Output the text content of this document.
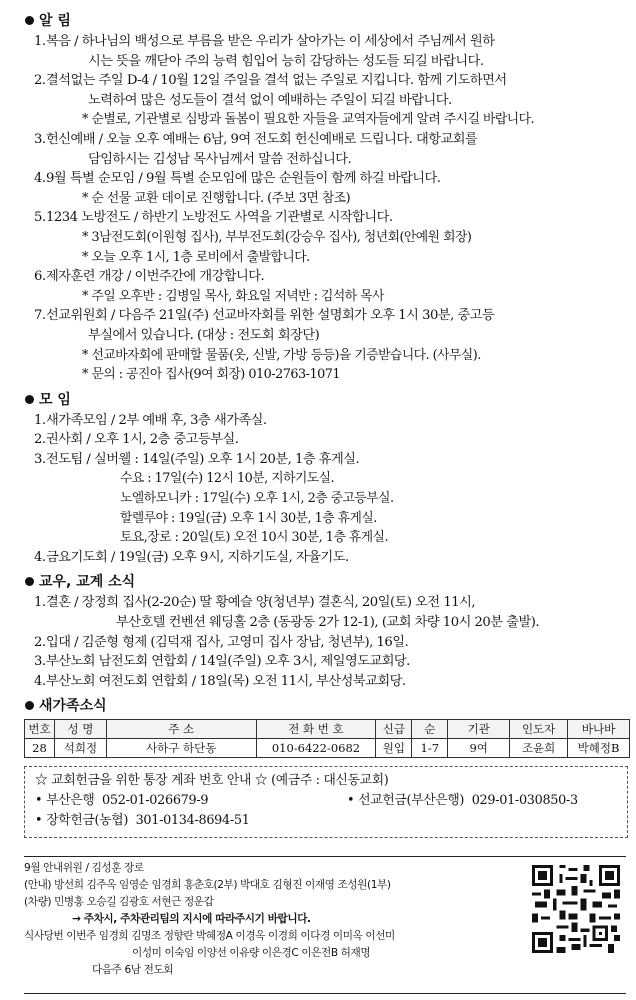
알 림
1. 복음 / 하나님의 백성으로 부름을 받은 우리가 살아가는 이 세상에서 주님께서 원하
시는 뜻을 깨닫아 주의 능력 힘입어 능히 감당하는 성도들 되길 바랍니다.
2. 결석없는 주일 D-4 / 10월 12일 주일을 결석 없는 주일로 지킵니다. 함께 기도하면서
노력하여 많은 성도들이 결석 없이 예배하는 주일이 되길 바랍니다.
* 순별로, 기관별로 심방과 돌봄이 필요한 자들을 교역자들에게 알려 주시길 바랍니다.
3. 헌신예배 / 오늘 오후 예배는 6남, 9여 전도회 헌신예배로 드립니다. 대항교회를
담임하시는 김성남 목사님께서 말씀 전하십니다.
4. 9월 특별 순모임 / 9월 특별 순모임에 많은 순원들이 함께 하길 바랍니다.
* 순 선물 교환 데이로 진행합니다. (주보 3면 참조)
5. 1234 노방전도 / 하반기 노방전도 사역을 기관별로 시작합니다.
* 3남전도회(이원형 집사), 부부전도회(강승우 집사), 청년회(안예원 회장)
* 오늘 오후 1시, 1층 로비에서 출발합니다.
6. 제자훈련 개강 / 이번주간에 개강합니다.
* 주일 오후반 : 김병일 목사, 화요일 저녁반 : 김석하 목사
7. 선교위원회 / 다음주 21일(주) 선교바자회를 위한 설명회가 오후 1시 30분, 중고등
부실에서 있습니다. (대상 : 전도회 회장단)
* 선교바자회에 판매할 물품(옷, 신발, 가방 등등)을 기증받습니다. (사무실).
* 문의 : 공진아 집사(9여 회장) 010-2763-1071
모 임
1. 새가족모임 / 2부 예배 후, 3층 새가족실.
2. 권사회 / 오후 1시, 2층 중고등부실.
3. 전도팀 / 실버웰 : 14일(주일) 오후 1시 20분, 1층 휴게실.
수요 : 17일(수) 12시 10분, 지하기도실.
노엘하모니카 : 17일(수) 오후 1시, 2층 중고등부실.
할렐루야 : 19일(금) 오후 1시 30분, 1층 휴게실.
토요,장로 : 20일(토) 오전 10시 30분, 1층 휴게실.
4. 금요기도회 / 19일(금) 오후 9시, 지하기도실, 자율기도.
교우, 교계 소식
1. 결혼 / 장정희 집사(2-20순) 딸 황예슬 양(청년부) 결혼식, 20일(토) 오전 11시,
부산호텔 컨벤션 웨딩홀 2층 (동광동 2가 12-1), (교회 차량 10시 20분 출발).
2. 입대 / 김준형 형제 (김덕재 집사, 고영미 집사 장남, 청년부), 16일.
3. 부산노회 남전도회 연합회 / 14일(주일) 오후 3시, 제일영도교회당.
4. 부산노회 여전도회 연합회 / 18일(목) 오전 11시, 부산성북교회당.
새가족소식
번호	성 명	주 소	전 화 번 호	신급	순	기관	인도자	바나바
28	석희정	사하구 하단동	010-6422-0682	원입	1-7	9여	조윤희	박혜정B
☆ 교회헌금을 위한 통장 계좌 번호 안내 ☆ (예금주 : 대신동교회)
• 부산은행 052-01-026679-9	• 선교헌금(부산은행) 029-01-030850-3
• 장학헌금(농협) 301-0134-8694-51
9월 안내위원 / 김성훈 장로
(안내) 방선희 김주옥 임영순 임경희 홍춘호(2부) 박대호 김형진 이재영 조성원(1부)
(차량) 민병홍 오승길 김광호 서현근 정운갑
→ 주차시, 주차관리팀의 지시에 따라주시기 바랍니다.
식사당번 이번주 임경희 김명조 정향란 박혜정A 이경옥 이경희 이다경 이미옥 이선미
이성미 이숙임 이양선 이유량 이은경C 이은전B 허재명
다음주 6남 전도회
